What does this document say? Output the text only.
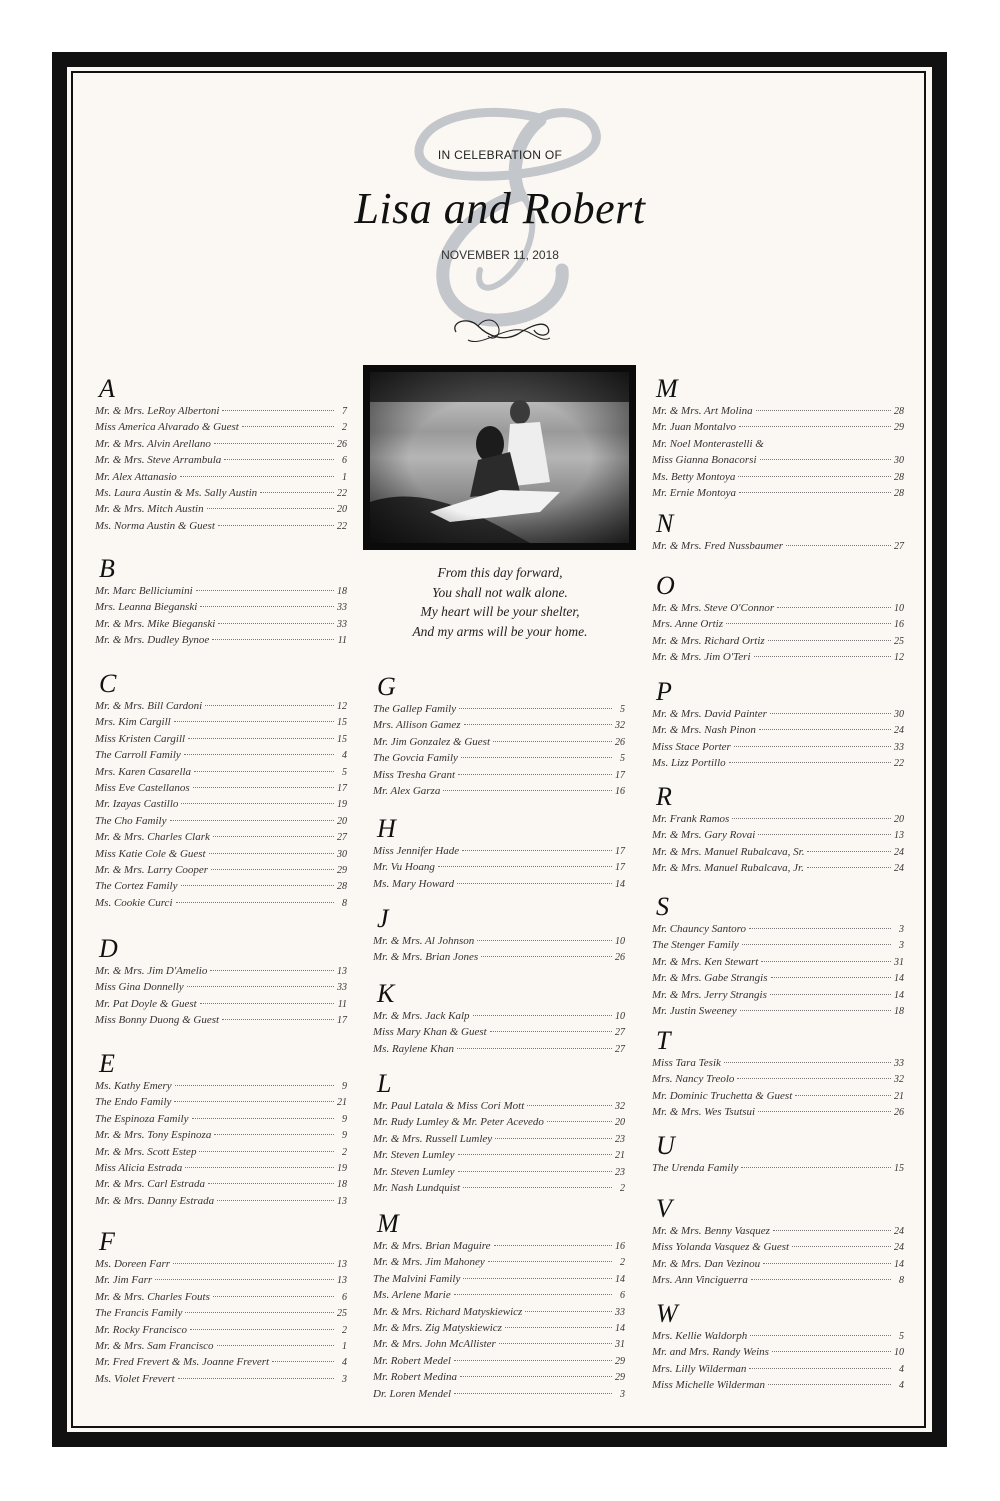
IN CELEBRATION OF
Lisa and Robert
NOVEMBER 11, 2018
From this day forward,
You shall not walk alone.
My heart will be your shelter,
And my arms will be your home.
A
Mr. & Mrs. LeRoy Albertoni	7
Miss America Alvarado & Guest	2
Mr. & Mrs. Alvin Arellano	26
Mr. & Mrs. Steve Arrambula	6
Mr. Alex Attanasio	1
Ms. Laura Austin & Ms. Sally Austin	22
Mr. & Mrs. Mitch Austin	20
Ms. Norma Austin & Guest	22
B
Mr. Marc Belliciumini	18
Mrs. Leanna Bieganski	33
Mr. & Mrs. Mike Bieganski	33
Mr. & Mrs. Dudley Bynoe	11
C
Mr. & Mrs. Bill Cardoni	12
Mrs. Kim Cargill	15
Miss Kristen Cargill	15
The Carroll Family	4
Mrs. Karen Casarella	5
Miss Eve Castellanos	17
Mr. Izayas Castillo	19
The Cho Family	20
Mr. & Mrs. Charles Clark	27
Miss Katie Cole & Guest	30
Mr. & Mrs. Larry Cooper	29
The Cortez Family	28
Ms. Cookie Curci	8
D
Mr. & Mrs. Jim D'Amelio	13
Miss Gina Donnelly	33
Mr. Pat Doyle & Guest	11
Miss Bonny Duong & Guest	17
E
Ms. Kathy Emery	9
The Endo Family	21
The Espinoza Family	9
Mr. & Mrs. Tony Espinoza	9
Mr. & Mrs. Scott Estep	2
Miss Alicia Estrada	19
Mr. & Mrs. Carl Estrada	18
Mr. & Mrs. Danny Estrada	13
F
Ms. Doreen Farr	13
Mr. Jim Farr	13
Mr. & Mrs. Charles Fouts	6
The Francis Family	25
Mr. Rocky Francisco	2
Mr. & Mrs. Sam Francisco	1
Mr. Fred Frevert & Ms. Joanne Frevert	4
Ms. Violet Frevert	3
G
The Gallep Family	5
Mrs. Allison Gamez	32
Mr. Jim Gonzalez & Guest	26
The Govcia Family	5
Miss Tresha Grant	17
Mr. Alex Garza	16
H
Miss Jennifer Hade	17
Mr. Vu Hoang	17
Ms. Mary Howard	14
J
Mr. & Mrs. Al Johnson	10
Mr. & Mrs. Brian Jones	26
K
Mr. & Mrs. Jack Kalp	10
Miss Mary Khan & Guest	27
Ms. Raylene Khan	27
L
Mr. Paul Latala & Miss Cori Mott	32
Mr. Rudy Lumley & Mr. Peter Acevedo	20
Mr. & Mrs. Russell Lumley	23
Mr. Steven Lumley	21
Mr. Steven Lumley	23
Mr. Nash Lundquist	2
M
Mr. & Mrs. Brian Maguire	16
Mr. & Mrs. Jim Mahoney	2
The Malvini Family	14
Ms. Arlene Marie	6
Mr. & Mrs. Richard Matyskiewicz	33
Mr. & Mrs. Zig Matyskiewicz	14
Mr. & Mrs. John McAllister	31
Mr. Robert Medel	29
Mr. Robert Medina	29
Dr. Loren Mendel	3
M
Mr. & Mrs. Art Molina	28
Mr. Juan Montalvo	29
Mr. Noel Monterastelli &
Miss Gianna Bonacorsi	30
Ms. Betty Montoya	28
Mr. Ernie Montoya	28
N
Mr. & Mrs. Fred Nussbaumer	27
O
Mr. & Mrs. Steve O'Connor	10
Mrs. Anne Ortiz	16
Mr. & Mrs. Richard Ortiz	25
Mr. & Mrs. Jim O'Teri	12
P
Mr. & Mrs. David Painter	30
Mr. & Mrs. Nash Pinon	24
Miss Stace Porter	33
Ms. Lizz Portillo	22
R
Mr. Frank Ramos	20
Mr. & Mrs. Gary Rovai	13
Mr. & Mrs. Manuel Rubalcava, Sr.	24
Mr. & Mrs. Manuel Rubalcava, Jr.	24
S
Mr. Chauncy Santoro	3
The Stenger Family	3
Mr. & Mrs. Ken Stewart	31
Mr. & Mrs. Gabe Strangis	14
Mr. & Mrs. Jerry Strangis	14
Mr. Justin Sweeney	18
T
Miss Tara Tesik	33
Mrs. Nancy Treolo	32
Mr. Dominic Truchetta & Guest	21
Mr. & Mrs. Wes Tsutsui	26
U
The Urenda Family	15
V
Mr. & Mrs. Benny Vasquez	24
Miss Yolanda Vasquez & Guest	24
Mr. & Mrs. Dan Vezinou	14
Mrs. Ann Vinciguerra	8
W
Mrs. Kellie Waldorph	5
Mr. and Mrs. Randy Weins	10
Mrs. Lilly Wilderman	4
Miss Michelle Wilderman	4
